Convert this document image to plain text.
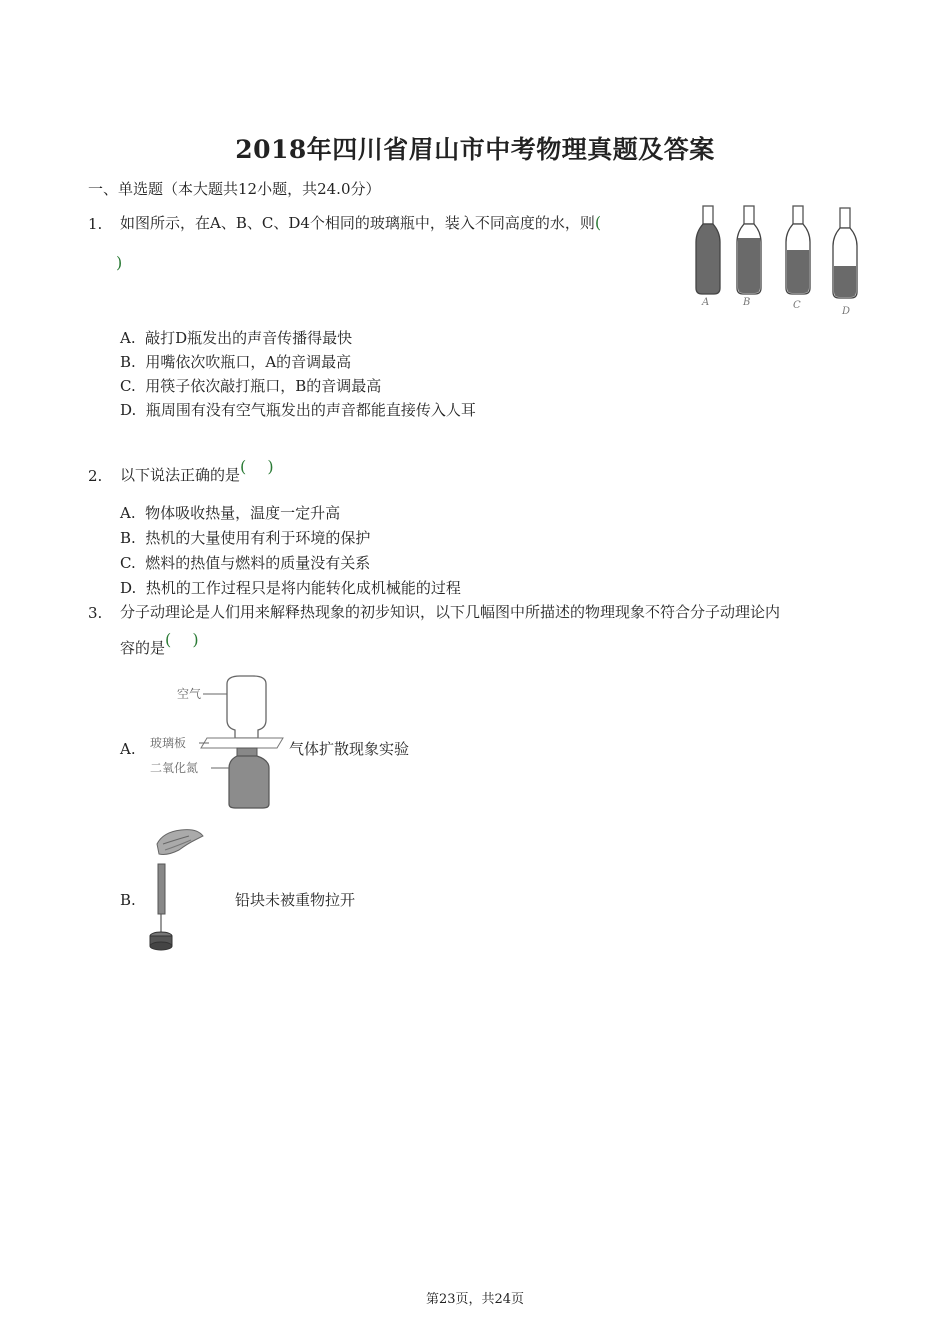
2018年四川省眉山市中考物理真题及答案
一、单选题（本大题共12小题，共24.0分）
1. 如图所示，在A、B、C、D4个相同的玻璃瓶中，装入不同高度的水，则(
)
A	B	C
D
A. 敲打D瓶发出的声音传播得最快
B. 用嘴依次吹瓶口，A的音调最高
C. 用筷子依次敲打瓶口，B的音调最高
D. 瓶周围有没有空气瓶发出的声音都能直接传入人耳
2. 以下说法正确的是(　 )
A. 物体吸收热量，温度一定升高
B. 热机的大量使用有利于环境的保护
C. 燃料的热值与燃料的质量没有关系
D. 热机的工作过程只是将内能转化成机械能的过程
3. 分子动理论是人们用来解释热现象的初步知识，以下几幅图中所描述的物理现象不符合分子动理论内
容的是(　 )
A.
空气
玻璃板
二氧化氮
气体扩散现象实验
B.	铅块未被重物拉开
第23页，共24页
